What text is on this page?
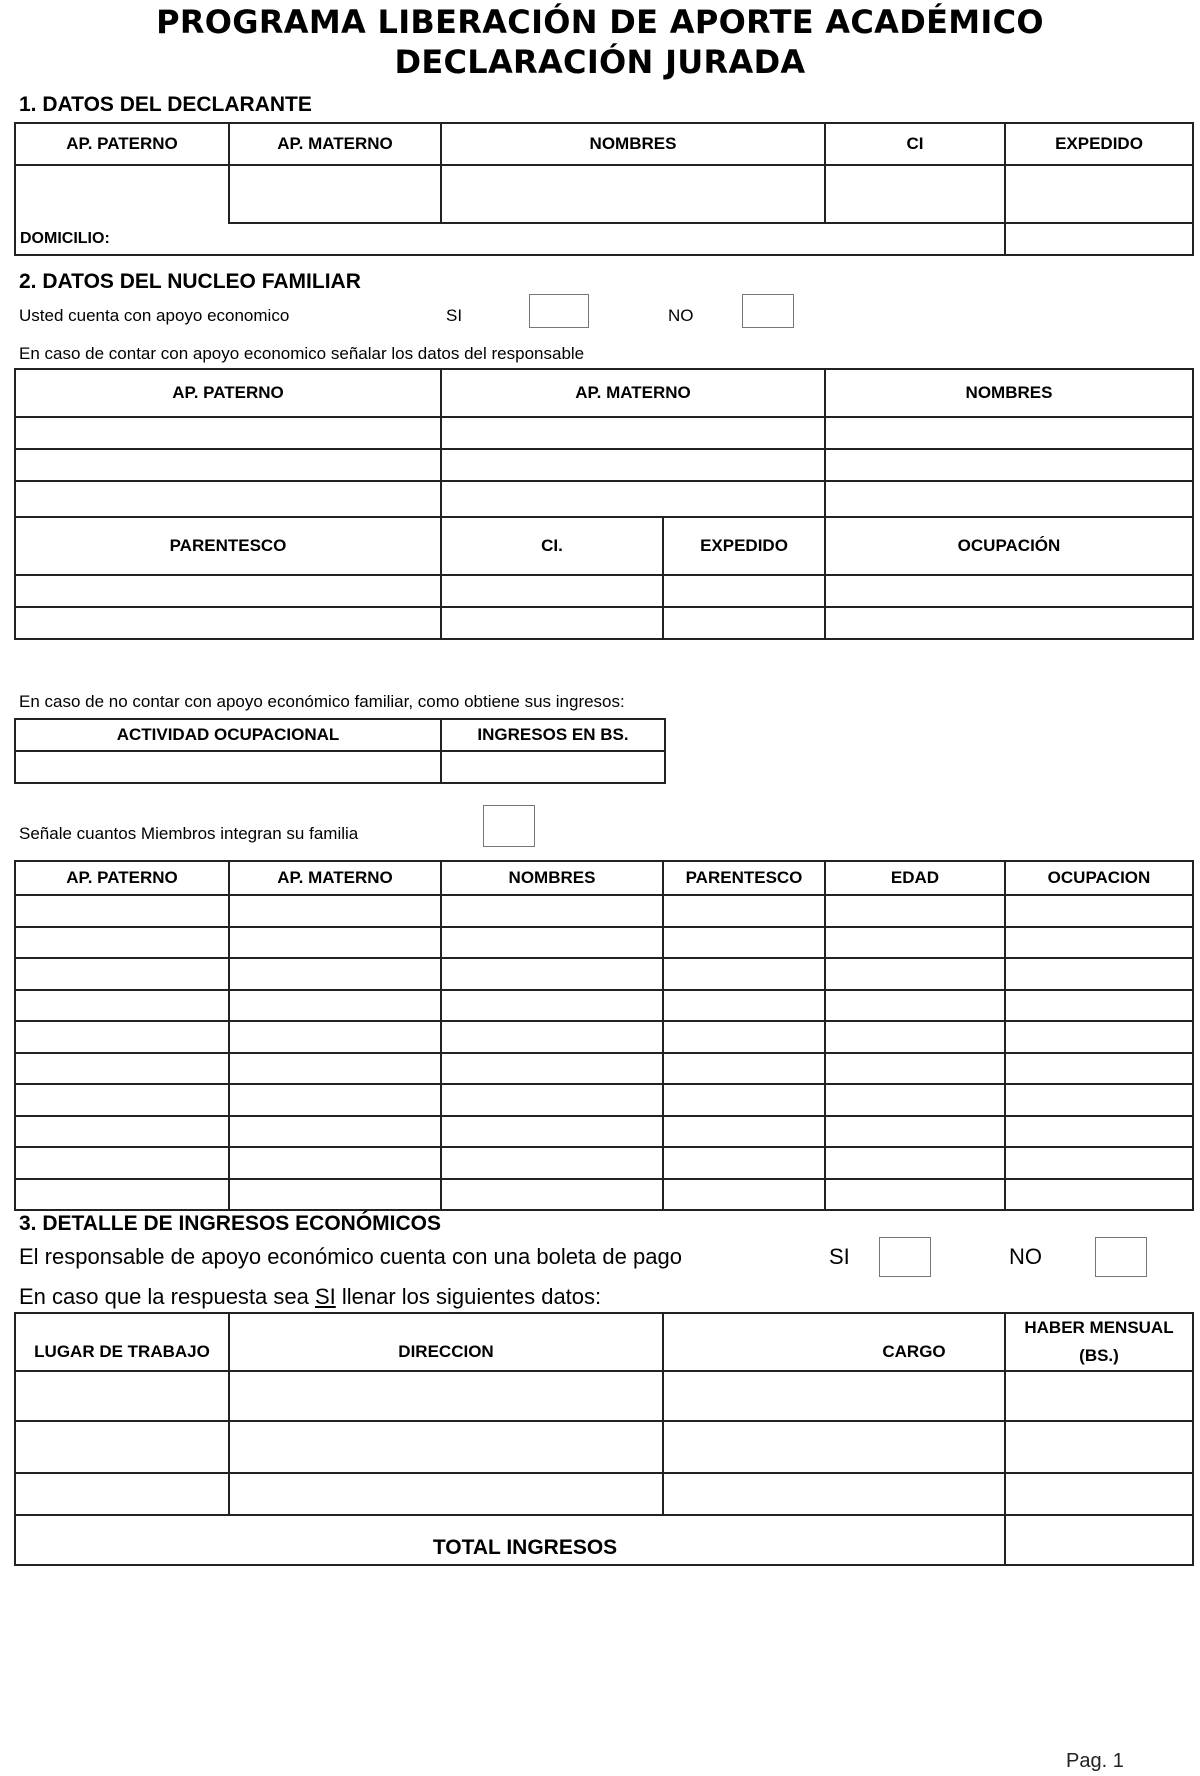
PROGRAMA LIBERACIÓN DE APORTE ACADÉMICO
DECLARACIÓN JURADA
1. DATOS DEL DECLARANTE
AP. PATERNO	AP. MATERNO	NOMBRES	CI	EXPEDIDO

DOMICILIO:				
2. DATOS DEL NUCLEO FAMILIAR
Usted cuenta con apoyo economico	SI	NO
En caso de contar con apoyo economico señalar los datos del responsable
AP. PATERNO	AP. MATERNO	NOMBRES

PARENTESCO	CI.	EXPEDIDO	OCUPACIÓN

En caso de no contar con apoyo económico familiar, como obtiene sus ingresos:
ACTIVIDAD OCUPACIONAL	INGRESOS EN BS.

Señale cuantos Miembros integran su familia
AP. PATERNO	AP. MATERNO	NOMBRES	PARENTESCO	EDAD	OCUPACION

3. DETALLE DE INGRESOS ECONÓMICOS
El responsable de apoyo económico cuenta con una boleta de pago	SI	NO
En caso que la respuesta sea SI llenar los siguientes datos:
LUGAR DE TRABAJO	DIRECCION	CARGO	HABER MENSUAL
(BS.)

TOTAL INGRESOS			
Pag. 1
